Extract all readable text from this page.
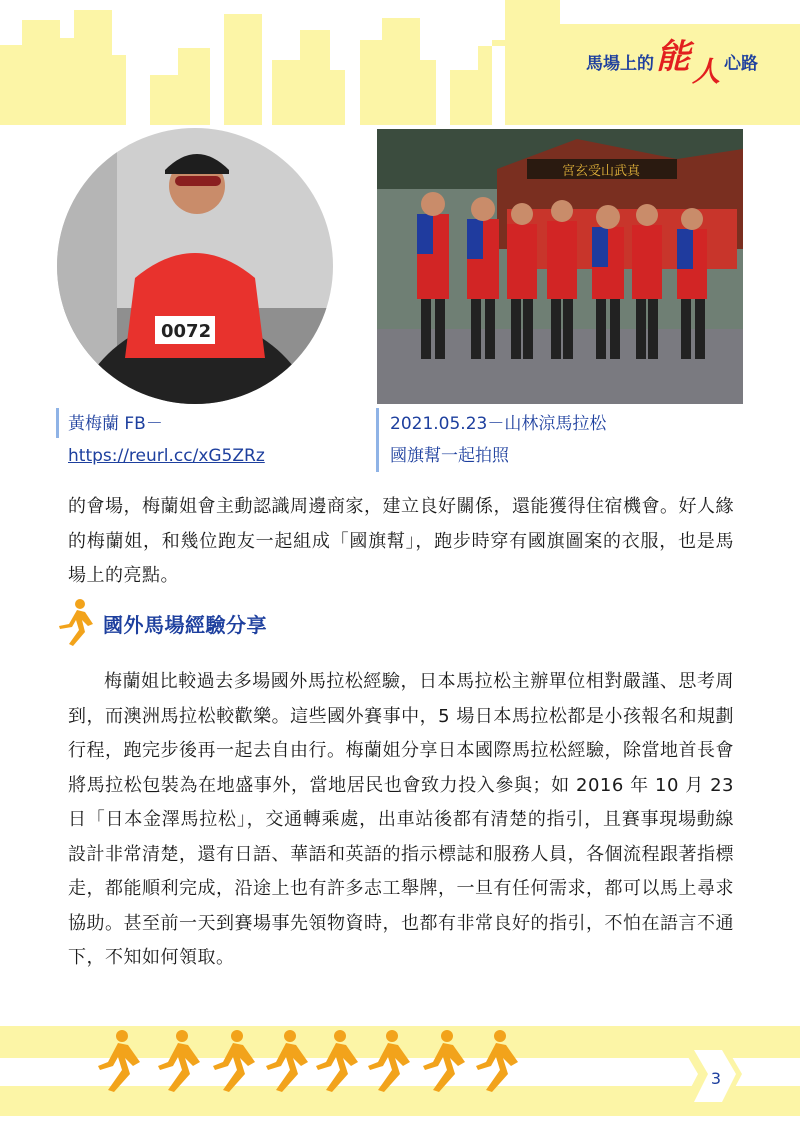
馬場上的 能 人 心路
0072
宮玄受山武真
黃梅蘭 FB－
https://reurl.cc/xG5ZRz
2021.05.23－山林涼馬拉松
國旗幫一起拍照
的會場，梅蘭姐會主動認識周邊商家，建立良好關係，還能獲得住宿機會。好人緣的梅蘭姐，和幾位跑友一起組成「國旗幫」，跑步時穿有國旗圖案的衣服，也是馬場上的亮點。
國外馬場經驗分享
梅蘭姐比較過去多場國外馬拉松經驗，日本馬拉松主辦單位相對嚴謹、思考周到，而澳洲馬拉松較歡樂。這些國外賽事中，5 場日本馬拉松都是小孩報名和規劃行程，跑完步後再一起去自由行。梅蘭姐分享日本國際馬拉松經驗，除當地首長會將馬拉松包裝為在地盛事外，當地居民也會致力投入參與；如 2016 年 10 月 23 日「日本金澤馬拉松」，交通轉乘處，出車站後都有清楚的指引，且賽事現場動線設計非常清楚，還有日語、華語和英語的指示標誌和服務人員，各個流程跟著指標走，都能順利完成，沿途上也有許多志工舉牌，一旦有任何需求，都可以馬上尋求協助。甚至前一天到賽場事先領物資時，也都有非常良好的指引，不怕在語言不通下，不知如何領取。
3
